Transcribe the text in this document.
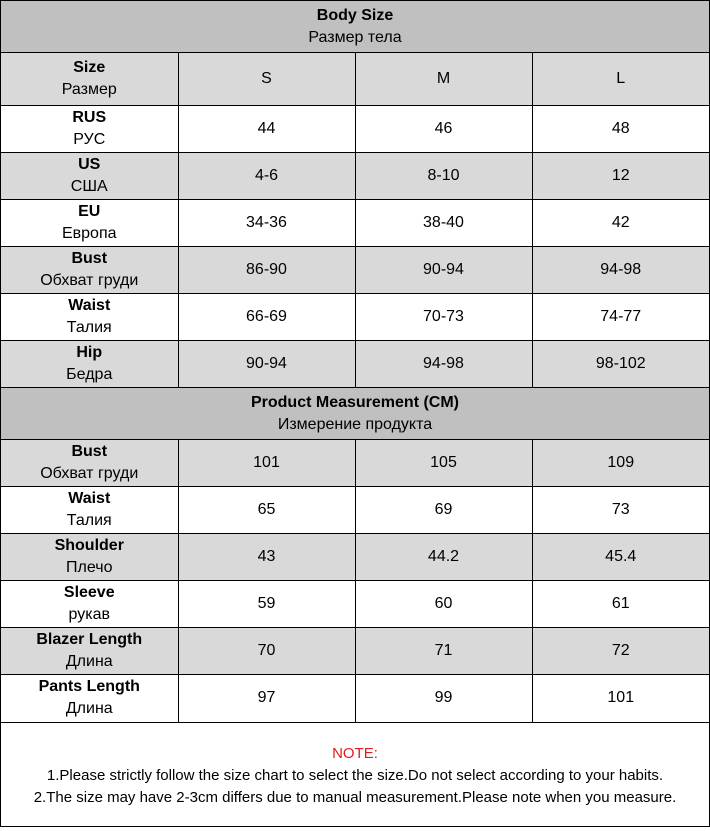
Body Size
Размер тела			

Size
Размер	S	M	L

RUS
РУС	44	46	48

US
США	4-6	8-10	12

EU
Европа	34-36	38-40	42

Bust
Обхват груди	86-90	90-94	94-98

Waist
Талия	66-69	70-73	74-77

Hip
Бедра	90-94	94-98	98-102

Product Measurement (CM)
Измерение продукта			

Bust
Обхват груди	101	105	109

Waist
Талия	65	69	73

Shoulder
Плечо	43	44.2	45.4

Sleeve
рукав	59	60	61

Blazer Length
Длина	70	71	72

Pants Length
Длина	97	99	101
NOTE:
1.Please strictly follow the size chart to select the size.Do not select according to your habits.
2.The size may have 2-3cm differs due to manual measurement.Please note when you measure.
